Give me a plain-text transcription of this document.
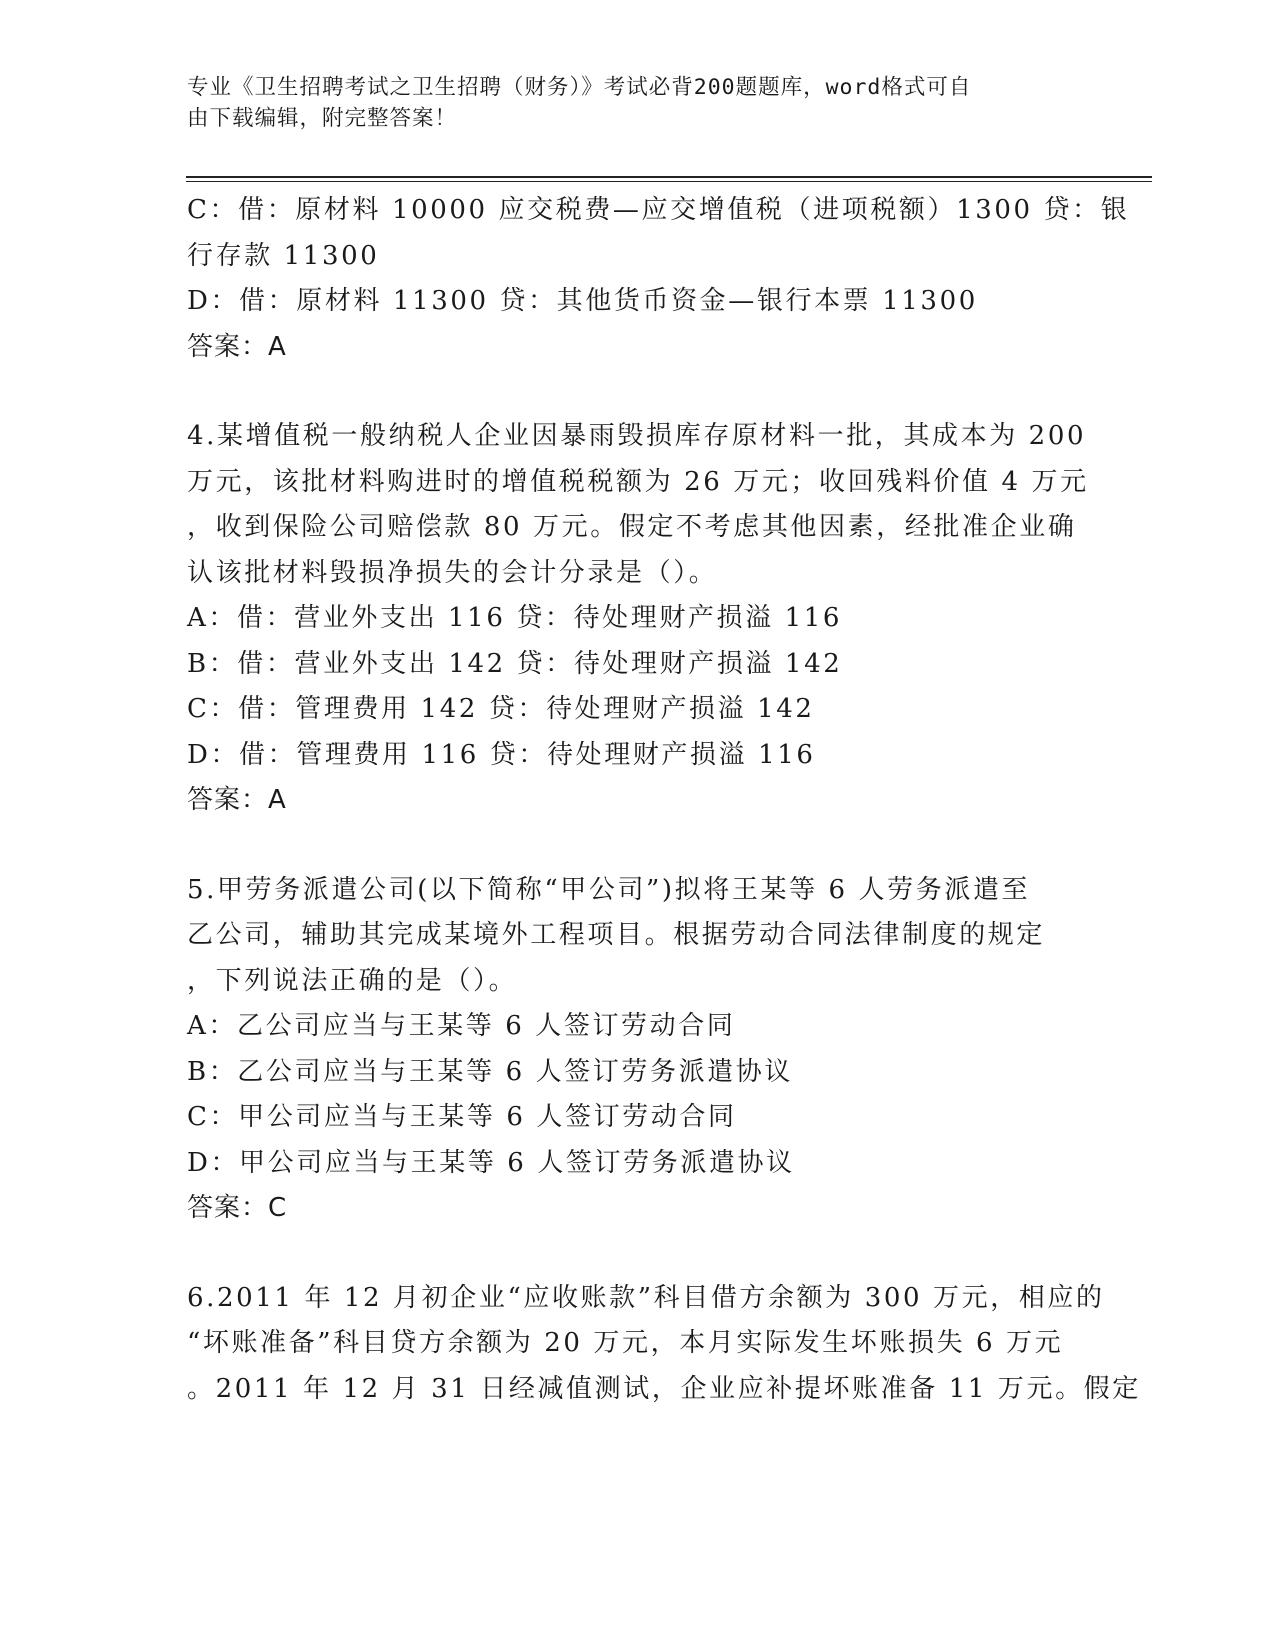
专业《卫生招聘考试之卫生招聘（财务）》考试必背200题题库，word格式可自
由下载编辑，附完整答案！
C：借：原材料 10000 应交税费—应交增值税（进项税额）1300 贷：银
行存款 11300
D：借：原材料 11300 贷：其他货币资金—银行本票 11300
答案：A
4.某增值税一般纳税人企业因暴雨毁损库存原材料一批，其成本为 200
万元，该批材料购进时的增值税税额为 26 万元；收回残料价值 4 万元
，收到保险公司赔偿款 80 万元。假定不考虑其他因素，经批准企业确
认该批材料毁损净损失的会计分录是（）。
A：借：营业外支出 116 贷：待处理财产损溢 116
B：借：营业外支出 142 贷：待处理财产损溢 142
C：借：管理费用 142 贷：待处理财产损溢 142
D：借：管理费用 116 贷：待处理财产损溢 116
答案：A
5.甲劳务派遣公司(以下简称“甲公司”)拟将王某等 6 人劳务派遣至
乙公司，辅助其完成某境外工程项目。根据劳动合同法律制度的规定
，下列说法正确的是（）。
A：乙公司应当与王某等 6 人签订劳动合同
B：乙公司应当与王某等 6 人签订劳务派遣协议
C：甲公司应当与王某等 6 人签订劳动合同
D：甲公司应当与王某等 6 人签订劳务派遣协议
答案：C
6.2011 年 12 月初企业“应收账款”科目借方余额为 300 万元，相应的
“坏账准备”科目贷方余额为 20 万元，本月实际发生坏账损失 6 万元
。2011 年 12 月 31 日经减值测试，企业应补提坏账准备 11 万元。假定
